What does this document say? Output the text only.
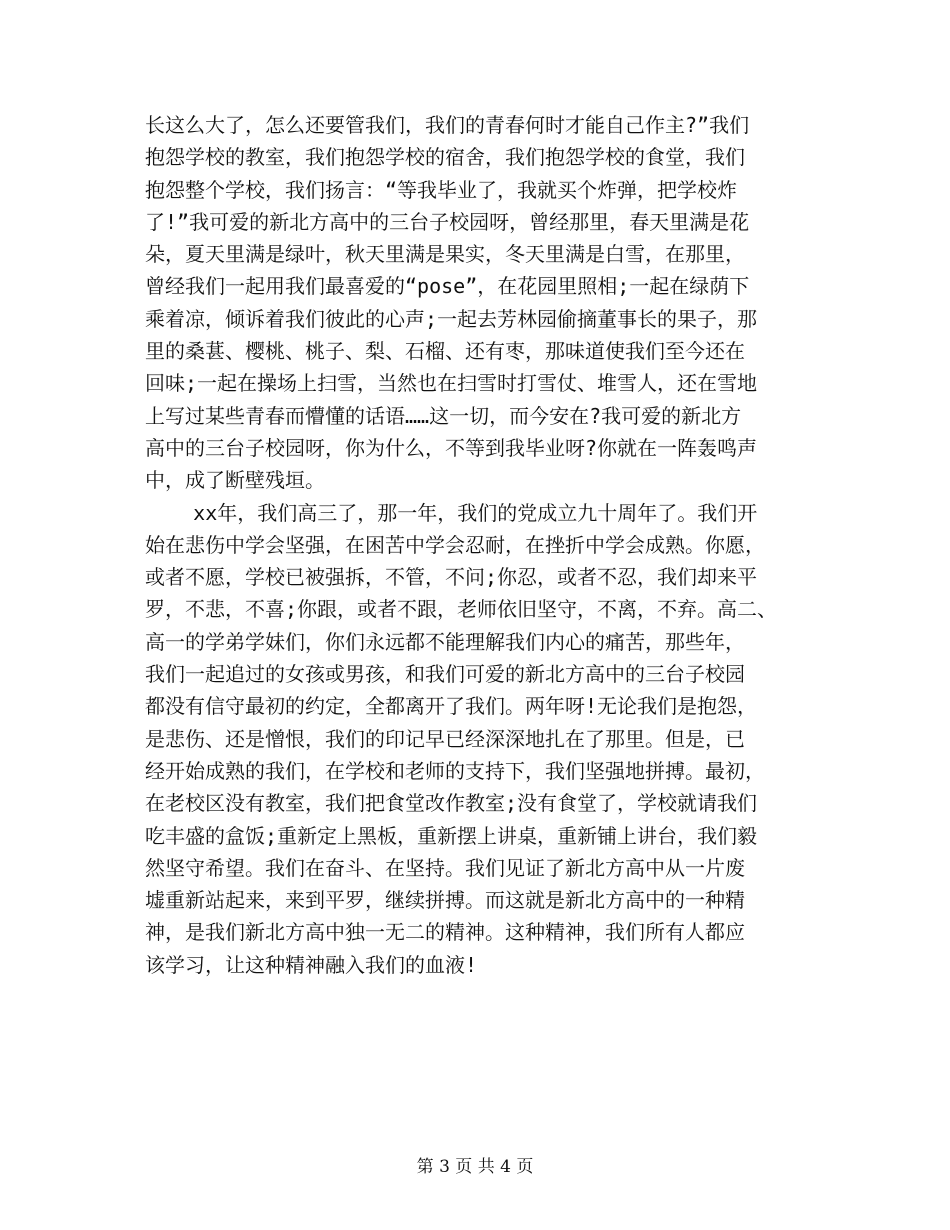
长这么大了，怎么还要管我们，我们的青春何时才能自己作主?”我们
抱怨学校的教室，我们抱怨学校的宿舍，我们抱怨学校的食堂，我们
抱怨整个学校，我们扬言：“等我毕业了，我就买个炸弹，把学校炸
了!”我可爱的新北方高中的三台子校园呀，曾经那里，春天里满是花
朵，夏天里满是绿叶，秋天里满是果实，冬天里满是白雪，在那里，
曾经我们一起用我们最喜爱的“pose”，在花园里照相;一起在绿荫下
乘着凉，倾诉着我们彼此的心声;一起去芳林园偷摘董事长的果子，那
里的桑葚、樱桃、桃子、梨、石榴、还有枣，那味道使我们至今还在
回味;一起在操场上扫雪，当然也在扫雪时打雪仗、堆雪人，还在雪地
上写过某些青春而懵懂的话语……这一切，而今安在?我可爱的新北方
高中的三台子校园呀，你为什么，不等到我毕业呀?你就在一阵轰鸣声
中，成了断壁残垣。
xx年，我们高三了，那一年，我们的党成立九十周年了。我们开
始在悲伤中学会坚强，在困苦中学会忍耐，在挫折中学会成熟。你愿，
或者不愿，学校已被强拆，不管，不问;你忍，或者不忍，我们却来平
罗，不悲，不喜;你跟，或者不跟，老师依旧坚守，不离，不弃。高二、
高一的学弟学妹们，你们永远都不能理解我们内心的痛苦，那些年，
我们一起追过的女孩或男孩，和我们可爱的新北方高中的三台子校园
都没有信守最初的约定，全都离开了我们。两年呀!无论我们是抱怨，
是悲伤、还是憎恨，我们的印记早已经深深地扎在了那里。但是，已
经开始成熟的我们，在学校和老师的支持下，我们坚强地拼搏。最初，
在老校区没有教室，我们把食堂改作教室;没有食堂了，学校就请我们
吃丰盛的盒饭;重新定上黑板，重新摆上讲桌，重新铺上讲台，我们毅
然坚守希望。我们在奋斗、在坚持。我们见证了新北方高中从一片废
墟重新站起来，来到平罗，继续拼搏。而这就是新北方高中的一种精
神，是我们新北方高中独一无二的精神。这种精神，我们所有人都应
该学习，让这种精神融入我们的血液!
第 3 页 共 4 页
